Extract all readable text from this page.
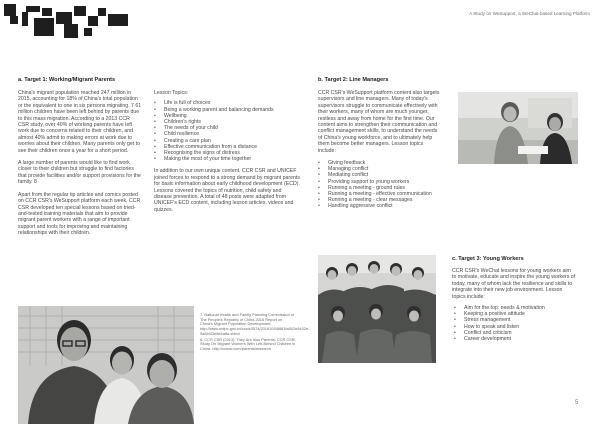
A Study on WeSupport, a WeChat-based Learning Platform
a. Target 1: Working/Migrant Parents

China's migrant population reached 247 million in 2015, accounting for 18% of China's total population or the equivalent to one in six persons migrating. 7 61 million children have been left behind by parents due to this mass migration. According to a 2013 CCR CSR study, over 40% of working parents have left work due to concerns related to their children, and almost 40% admit to making errors at work due to worries about their children. Many parents only get to see their children once a year for a short period.

A large number of parents would like to find work closer to their children but struggle to find factories that provide facilities and/or support provisions for the family. 8

Apart from the regular tip articles and comics posted on CCR CSR's WeSupport platform each week, CCR CSR developed ten special lessons based on tried-and-tested training materials that aim to provide migrant parent workers with a range of important support and tools for improving and maintaining relationships with their children.

Lesson Topics:
• Life is full of choices
• Being a working parent and balancing demands
• Wellbeing
• Children's rights
• The needs of your child
• Child resilience
• Creating a care plan
• Effective communication from a distance
• Recognising the signs of distress
• Making the most of your time together
In addition to our own unique content, CCR CSR and UNICEF joined forces to respond to a strong demand by migrant parents for basic information about early childhood development (ECD). Lessons covered the topics of nutrition, child safety and disease prevention. A total of 48 posts were adapted from UNICEF's ECD content, including lesson articles, videos and quizzes.
b. Target 2: Line Managers
CCR CSR's WeSupport platform content also targets supervisors and line managers. Many of today's supervisors struggle to communicate effectively with their workers, many of whom are much younger, restless and away from home for the first time. Our content aims to strengthen their communication and conflict management skills, to understand the needs of China's young workforce, and to ultimately help them become better managers. Lesson topics include:
• Giving feedback
• Managing conflict
• Mediating conflict
• Providing support to young workers
• Running a meeting - ground rules
• Running a meeting - effective communication
• Running a meeting - clear messages
• Handling aggressive conflict
c. Target 3: Young Workers
CCR CSR's WeChat lessons for young workers aim to motivate, educate and inspire the young workers of today, many of whom lack the resilience and skills to integrate into their new job environment. Lesson topics include:
• Aim for the top: needs & motivation
• Keeping a positive attitude
• Stress management
• How to speak and listen
• Conflict and criticism
• Career development
7. National Health and Family Planning Commission of The People's Republic of China 2016 Report on China's Migrant Population Development. http://www.nhfpc.gov.cn/xcs/s3574/201610/58881fa502e5402e-9a84f43e8e5a8a.shtml
8. CCR CSR (2013) 'They Are Also Parents: CCR CSR Study On Migrant Workers With Left-Behind Children in China. http://ccrcsr.com/parents/research
5
